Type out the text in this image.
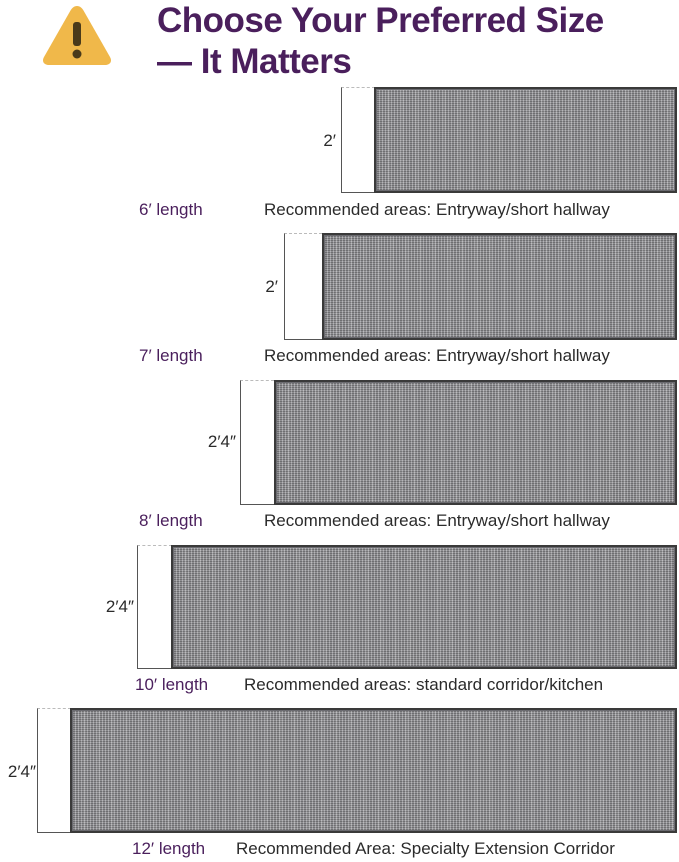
Choose Your Preferred Size
— It Matters
2′
6′ length	Recommended areas: Entryway/short hallway
2′
7′ length	Recommended areas: Entryway/short hallway
2′4″
8′ length	Recommended areas: Entryway/short hallway
2′4″
10′ length Recommended areas: standard corridor/kitchen
2′4″
12′ length Recommended Area: Specialty Extension Corridor
